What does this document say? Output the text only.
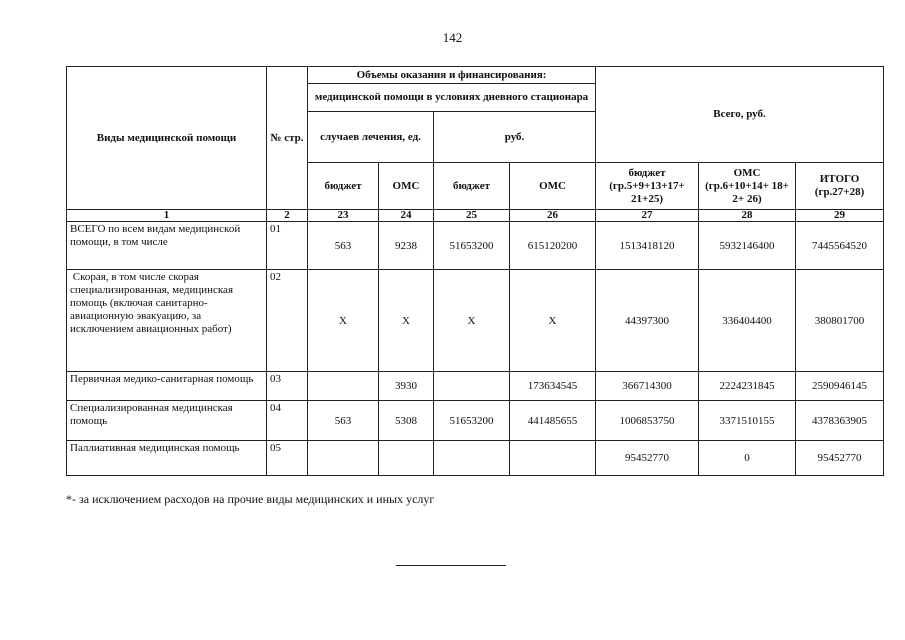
142
Виды медицинской помощи	№ стр.	Объемы оказания и финансирования:				Всего, руб.		
		медицинской помощи в условиях дневного стационара						
		случаев лечения, ед.		руб.				
		бюджет	ОМС	бюджет	ОМС	бюджет (гр.5+9+13+17+ 21+25)	ОМС (гр.6+10+14+ 18+ 2+ 26)	ИТОГО (гр.27+28)
1	2	23	24	25	26	27	28	29
ВСЕГО по всем видам медицинской помощи, в том числе	01	563	9238	51653200	615120200	1513418120	5932146400	7445564520
Скорая, в том числе скорая специализированная, медицинская помощь (включая санитарно-авиационную эвакуацию, за исключением авиационных работ)	02	Х	Х	Х	Х	44397300	336404400	380801700
Первичная медико-санитарная помощь	03		3930		173634545	366714300	2224231845	2590946145
Специализированная медицинская помощь	04	563	5308	51653200	441485655	1006853750	3371510155	4378363905
Паллиативная медицинская помощь	05					95452770	0	95452770
*- за исключением расходов на прочие виды медицинских и иных услуг
